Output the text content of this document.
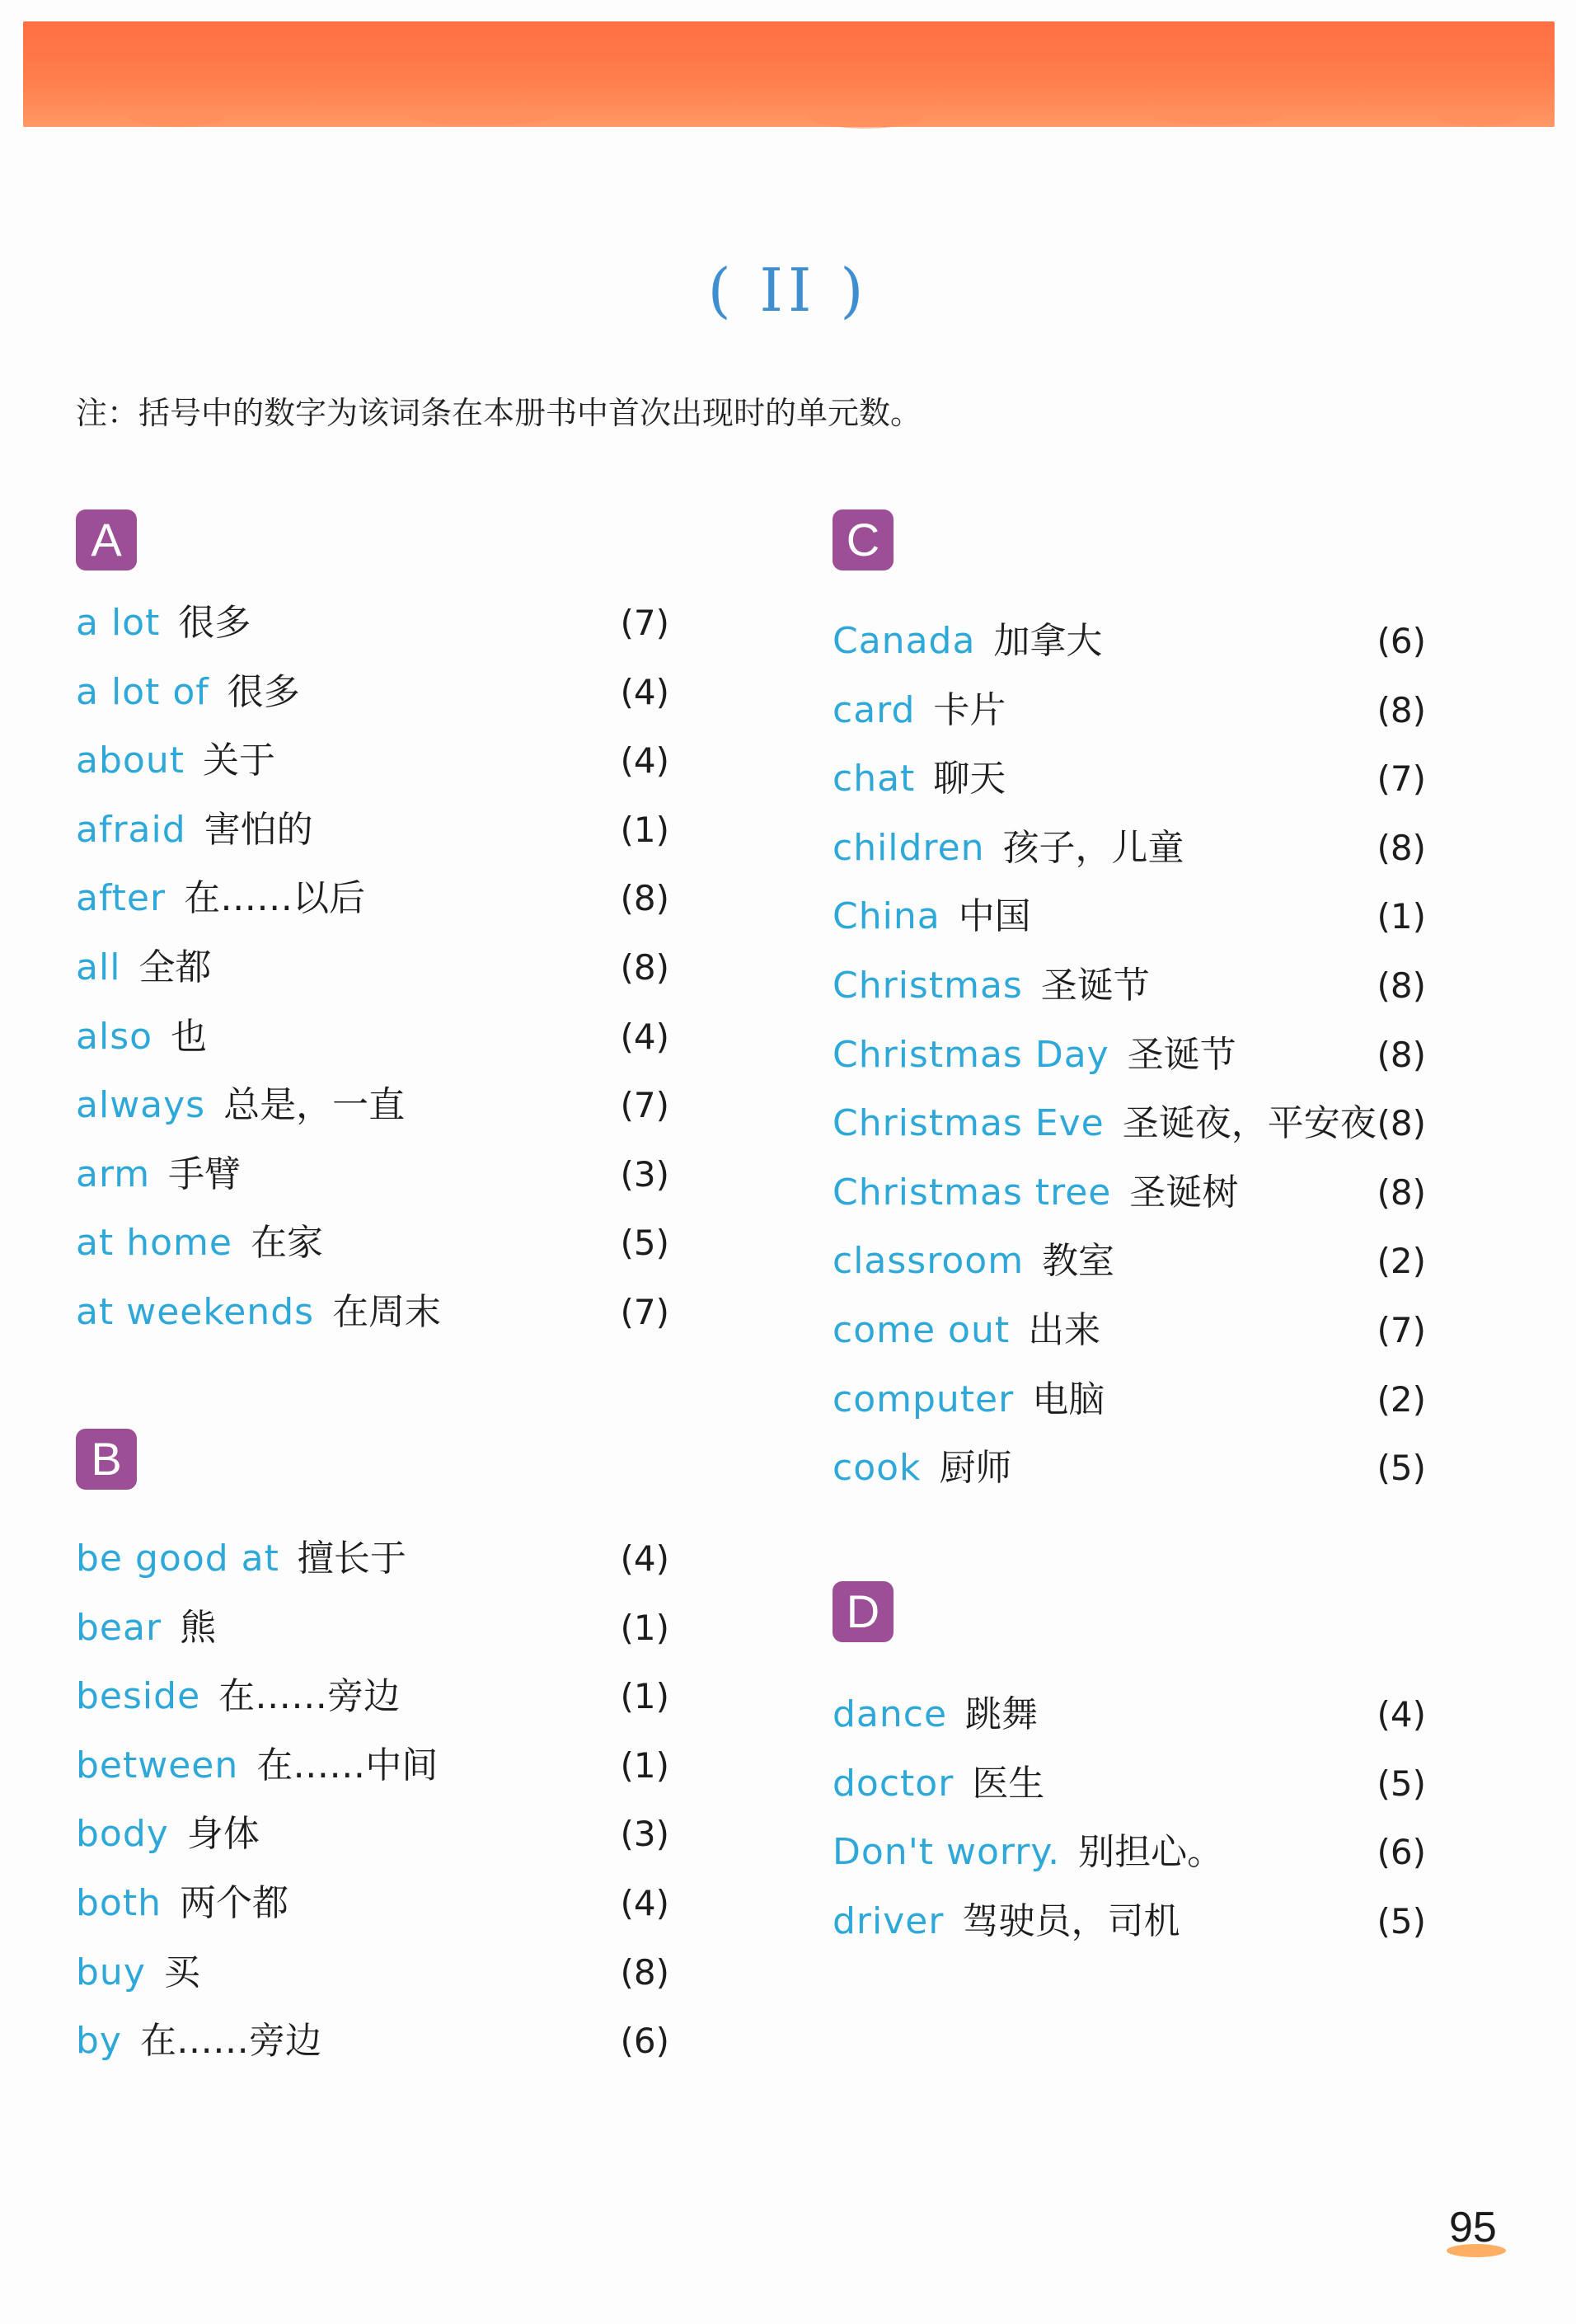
( II )
注：括号中的数字为该词条在本册书中首次出现时的单元数。
A
a lot 很多	(7)
a lot of 很多	(4)
about 关于	(4)
afraid 害怕的	(1)
after 在……以后	(8)
all 全都	(8)
also 也	(4)
always 总是，一直	(7)
arm 手臂	(3)
at home 在家	(5)
at weekends 在周末	(7)
B
be good at 擅长于	(4)
bear 熊	(1)
beside 在……旁边	(1)
between 在……中间	(1)
body 身体	(3)
both 两个都	(4)
buy 买	(8)
by 在……旁边	(6)
C
Canada 加拿大	(6)
card 卡片	(8)
chat 聊天	(7)
children 孩子，儿童	(8)
China 中国	(1)
Christmas 圣诞节	(8)
Christmas Day 圣诞节	(8)
Christmas Eve 圣诞夜，平安夜 (8)
Christmas tree 圣诞树	(8)
classroom 教室	(2)
come out 出来	(7)
computer 电脑	(2)
cook 厨师	(5)
D
dance 跳舞	(4)
doctor 医生	(5)
Don't worry. 别担心。	(6)
driver 驾驶员，司机	(5)
95
